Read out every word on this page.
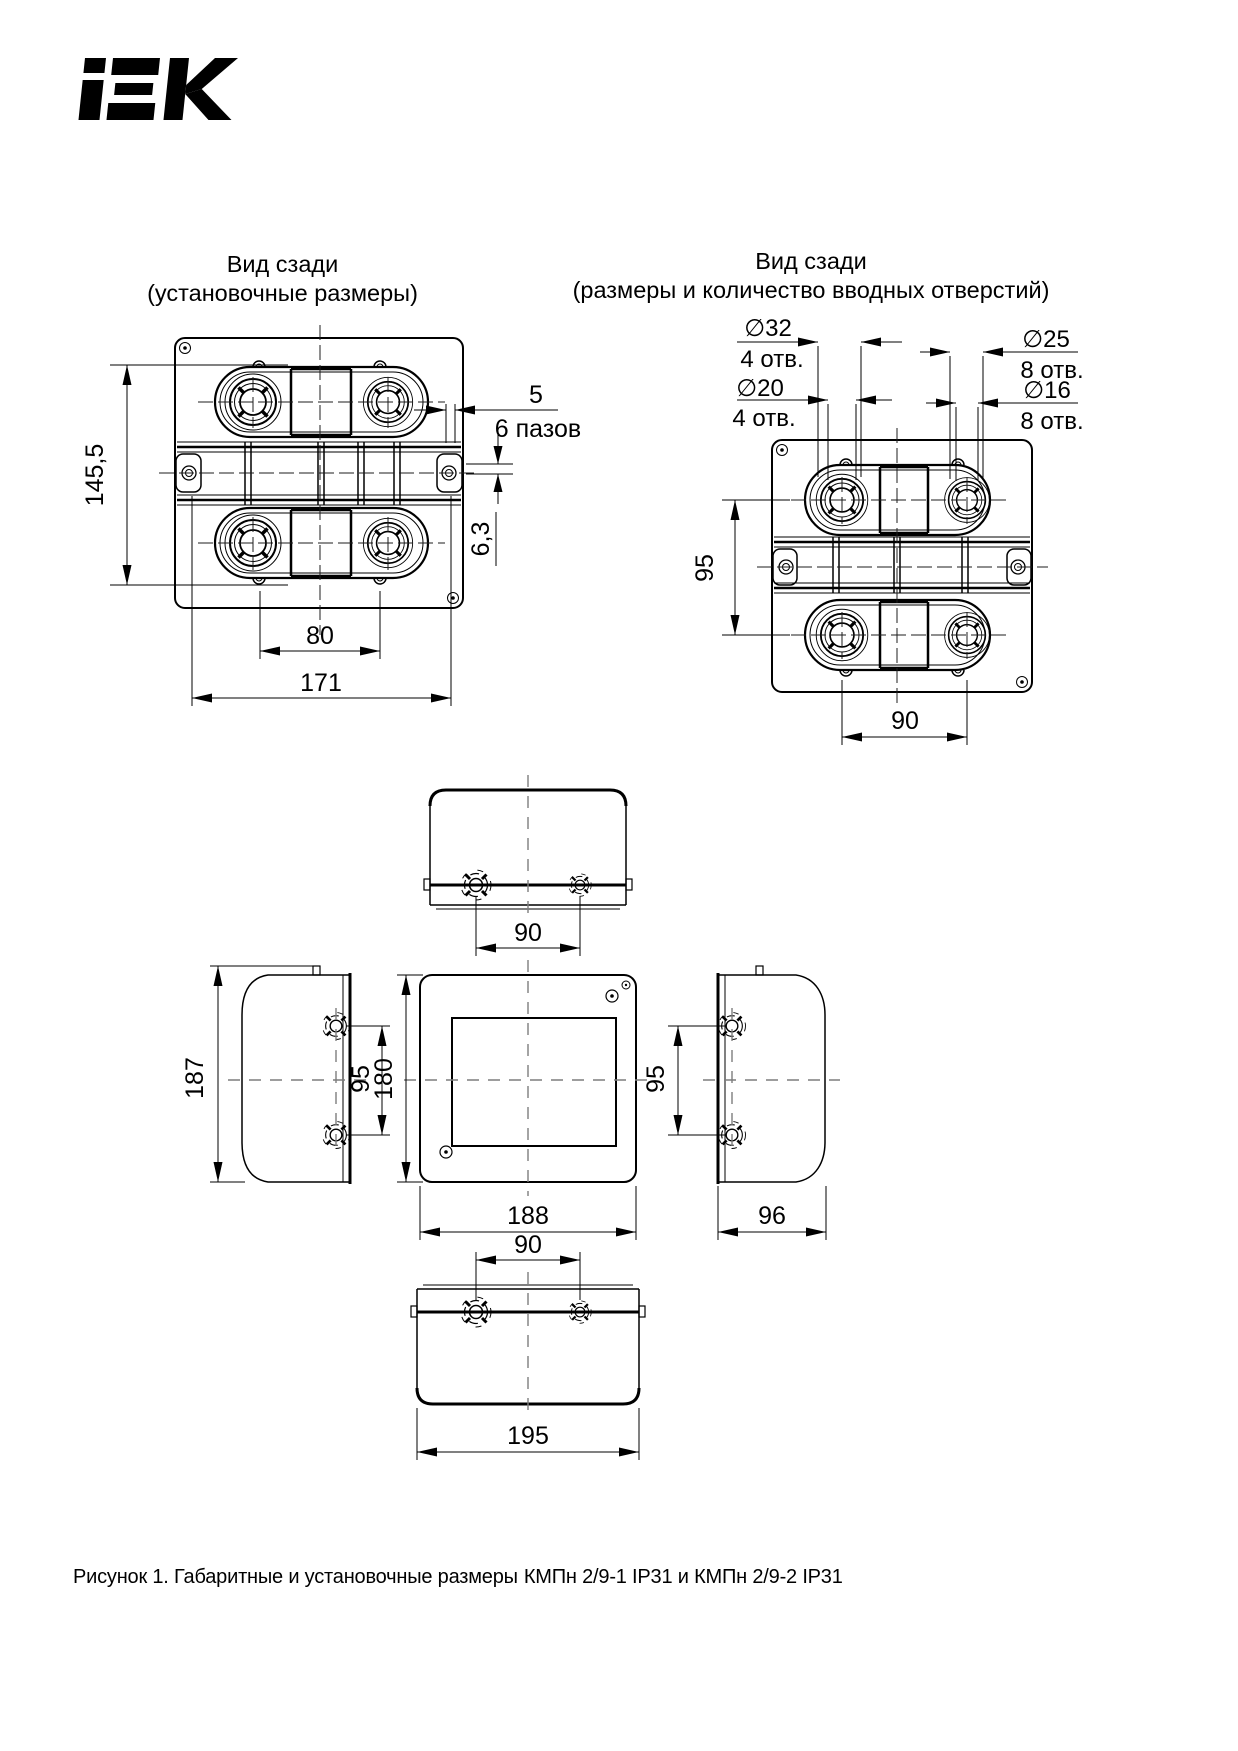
145,5
5
6 пазов
6,3
80
171
∅32
4 отв.
∅20
4 отв.
∅25
8 отв.
∅16
8 отв.
95
90
90
187	95
180
188
95
96
90
195
Вид сзади
(установочные размеры)
Вид сзади
(размеры и количество вводных отверстий)
Рисунок 1. Габаритные и установочные размеры КМПн 2/9-1 IP31 и КМПн 2/9-2 IP31
